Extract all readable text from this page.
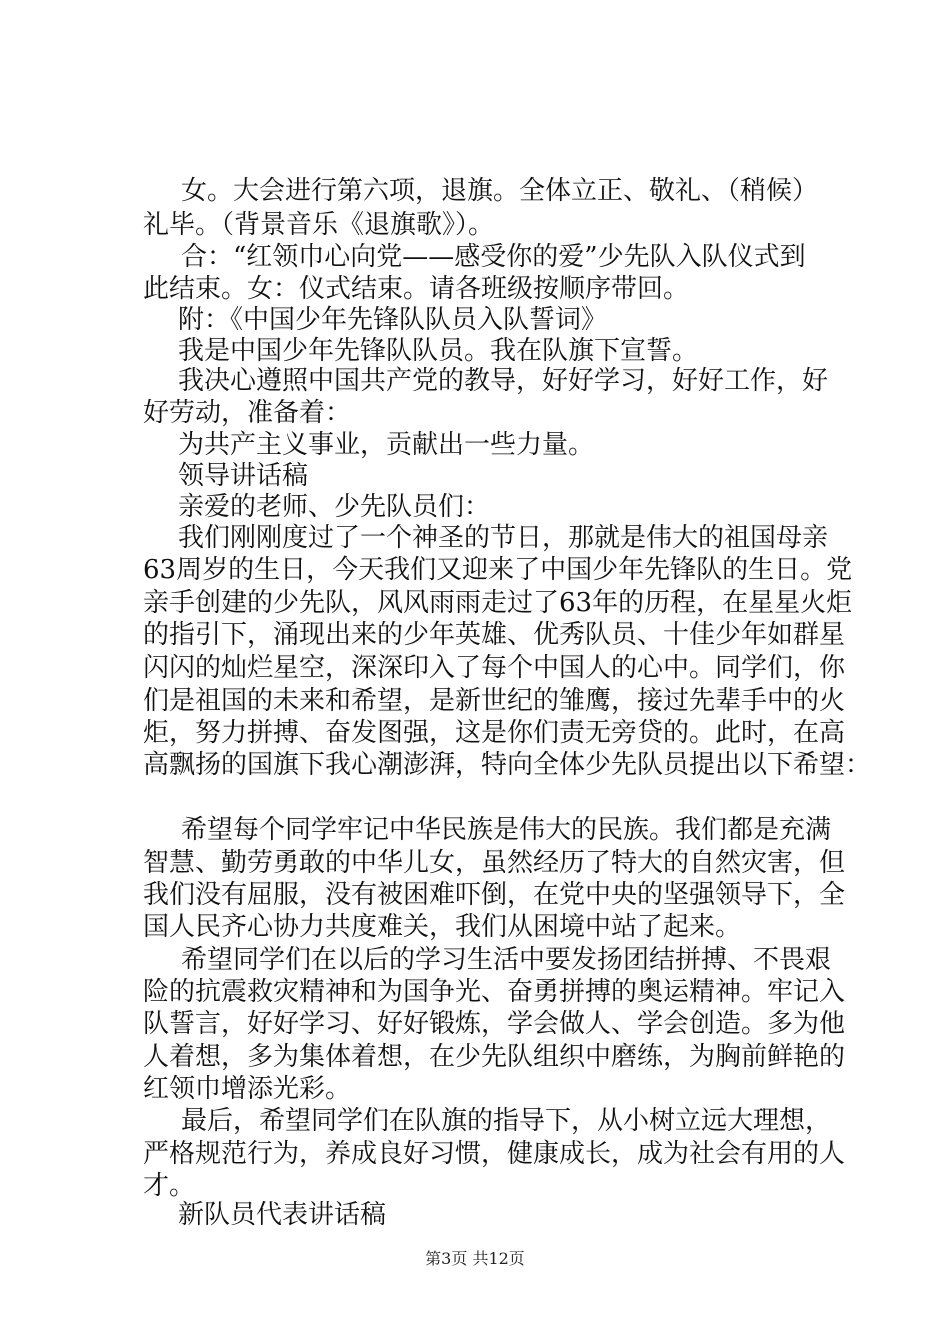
女。大会进行第六项，退旗。全体立正、敬礼、（稍候）
礼毕。（背景音乐《退旗歌》）。
合：“红领巾心向党——感受你的爱”少先队入队仪式到
此结束。女：仪式结束。请各班级按顺序带回。
附：《中国少年先锋队队员入队誓词》
我是中国少年先锋队队员。我在队旗下宣誓。
我决心遵照中国共产党的教导，好好学习，好好工作，好
好劳动，准备着：
为共产主义事业，贡献出一些力量。
领导讲话稿
亲爱的老师、少先队员们：
我们刚刚度过了一个神圣的节日，那就是伟大的祖国母亲
63周岁的生日，今天我们又迎来了中国少年先锋队的生日。党
亲手创建的少先队，风风雨雨走过了63年的历程，在星星火炬
的指引下，涌现出来的少年英雄、优秀队员、十佳少年如群星
闪闪的灿烂星空，深深印入了每个中国人的心中。同学们，你
们是祖国的未来和希望，是新世纪的雏鹰，接过先辈手中的火
炬，努力拼搏、奋发图强，这是你们责无旁贷的。此时，在高
高飘扬的国旗下我心潮澎湃，特向全体少先队员提出以下希望：
希望每个同学牢记中华民族是伟大的民族。我们都是充满
智慧、勤劳勇敢的中华儿女，虽然经历了特大的自然灾害，但
我们没有屈服，没有被困难吓倒，在党中央的坚强领导下，全
国人民齐心协力共度难关，我们从困境中站了起来。
希望同学们在以后的学习生活中要发扬团结拼搏、不畏艰
险的抗震救灾精神和为国争光、奋勇拼搏的奥运精神。牢记入
队誓言，好好学习、好好锻炼，学会做人、学会创造。多为他
人着想，多为集体着想，在少先队组织中磨练，为胸前鲜艳的
红领巾增添光彩。
最后，希望同学们在队旗的指导下，从小树立远大理想，
严格规范行为，养成良好习惯，健康成长，成为社会有用的人
才。
新队员代表讲话稿
第3页 共12页
